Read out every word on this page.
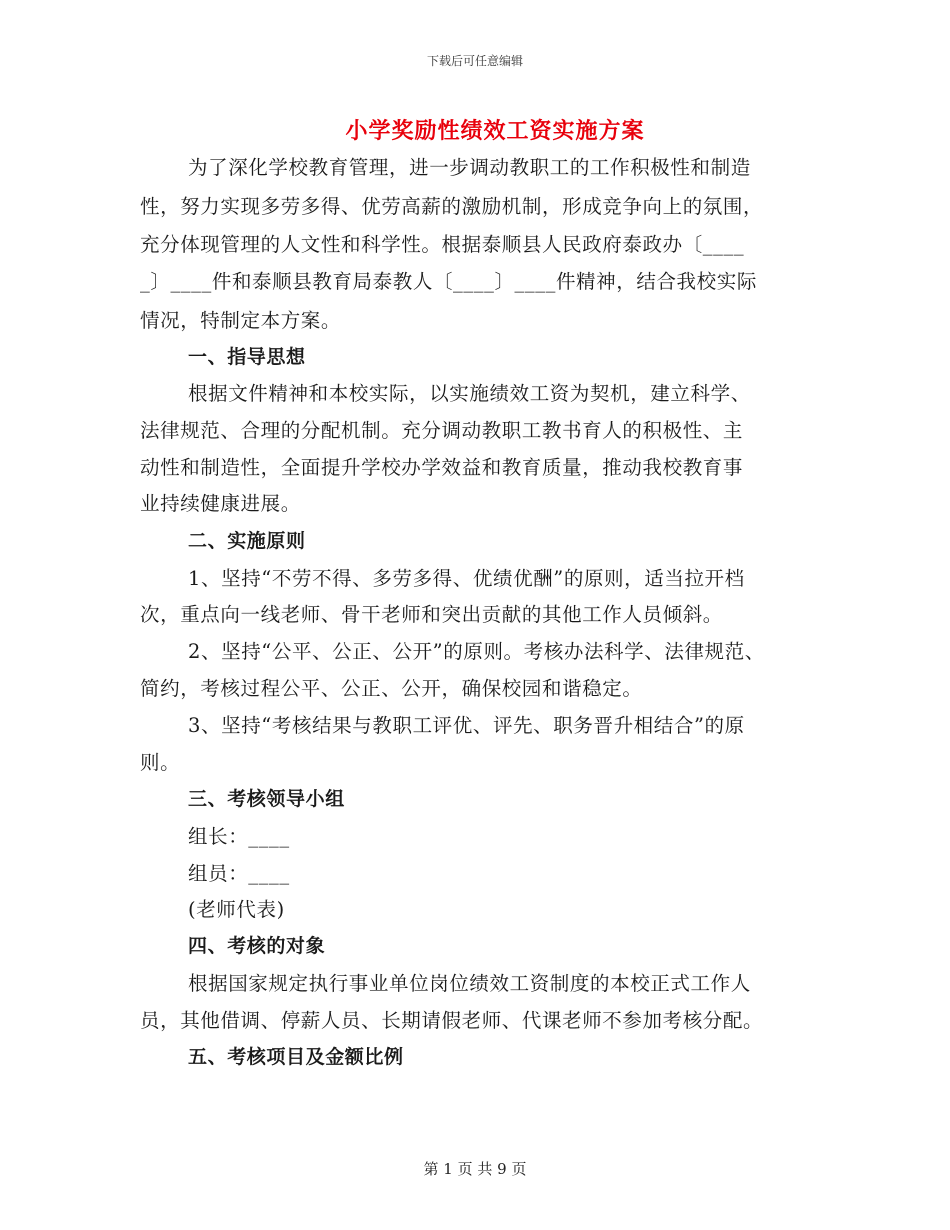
下载后可任意编辑
小学奖励性绩效工资实施方案
为了深化学校教育管理，进一步调动教职工的工作积极性和制造
性，努力实现多劳多得、优劳高薪的激励机制，形成竞争向上的氛围，
充分体现管理的人文性和科学性。根据泰顺县人民政府泰政办〔____
_〕____件和泰顺县教育局泰教人〔____〕____件精神，结合我校实际
情况，特制定本方案。
一、指导思想
根据文件精神和本校实际，以实施绩效工资为契机，建立科学、
法律规范、合理的分配机制。充分调动教职工教书育人的积极性、主
动性和制造性，全面提升学校办学效益和教育质量，推动我校教育事
业持续健康进展。
二、实施原则
1、坚持“不劳不得、多劳多得、优绩优酬”的原则，适当拉开档
次，重点向一线老师、骨干老师和突出贡献的其他工作人员倾斜。
2、坚持“公平、公正、公开”的原则。考核办法科学、法律规范、
简约，考核过程公平、公正、公开，确保校园和谐稳定。
3、坚持“考核结果与教职工评优、评先、职务晋升相结合”的原
则。
三、考核领导小组
组长：____
组员：____
(老师代表)
四、考核的对象
根据国家规定执行事业单位岗位绩效工资制度的本校正式工作人
员，其他借调、停薪人员、长期请假老师、代课老师不参加考核分配。
五、考核项目及金额比例
第 1 页 共 9 页
